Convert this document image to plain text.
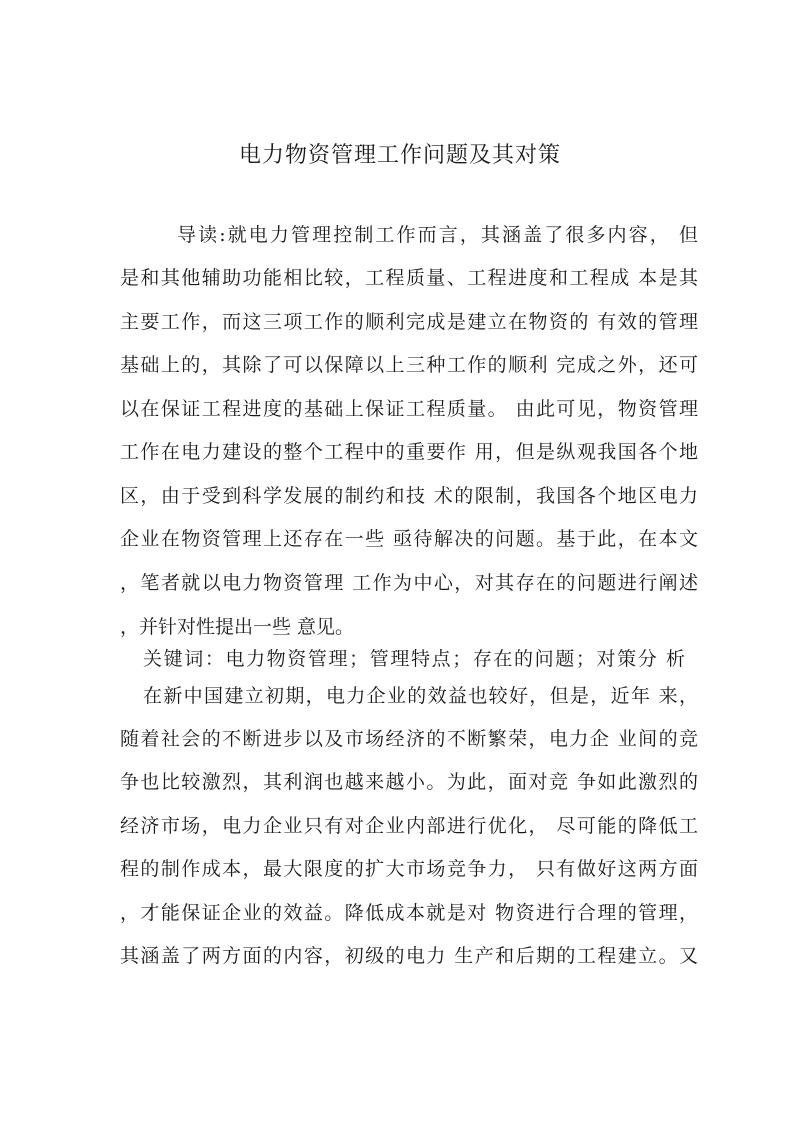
电力物资管理工作问题及其对策
导读:就电力管理控制工作而言，其涵盖了很多内容， 但
是和其他辅助功能相比较，工程质量、工程进度和工程成 本是其
主要工作，而这三项工作的顺利完成是建立在物资的 有效的管理
基础上的，其除了可以保障以上三种工作的顺利 完成之外，还可
以在保证工程进度的基础上保证工程质量。 由此可见，物资管理
工作在电力建设的整个工程中的重要作 用，但是纵观我国各个地
区，由于受到科学发展的制约和技 术的限制，我国各个地区电力
企业在物资管理上还存在一些 亟待解决的问题。基于此，在本文
，笔者就以电力物资管理 工作为中心，对其存在的问题进行阐述
，并针对性提出一些 意见。
关键词：电力物资管理；管理特点；存在的问题；对策分 析
在新中国建立初期，电力企业的效益也较好，但是，近年 来，
随着社会的不断进步以及市场经济的不断繁荣，电力企 业间的竞
争也比较激烈，其利润也越来越小。为此，面对竞 争如此激烈的
经济市场，电力企业只有对企业内部进行优化， 尽可能的降低工
程的制作成本，最大限度的扩大市场竞争力， 只有做好这两方面
，才能保证企业的效益。降低成本就是对 物资进行合理的管理，
其涵盖了两方面的内容，初级的电力 生产和后期的工程建立。又
